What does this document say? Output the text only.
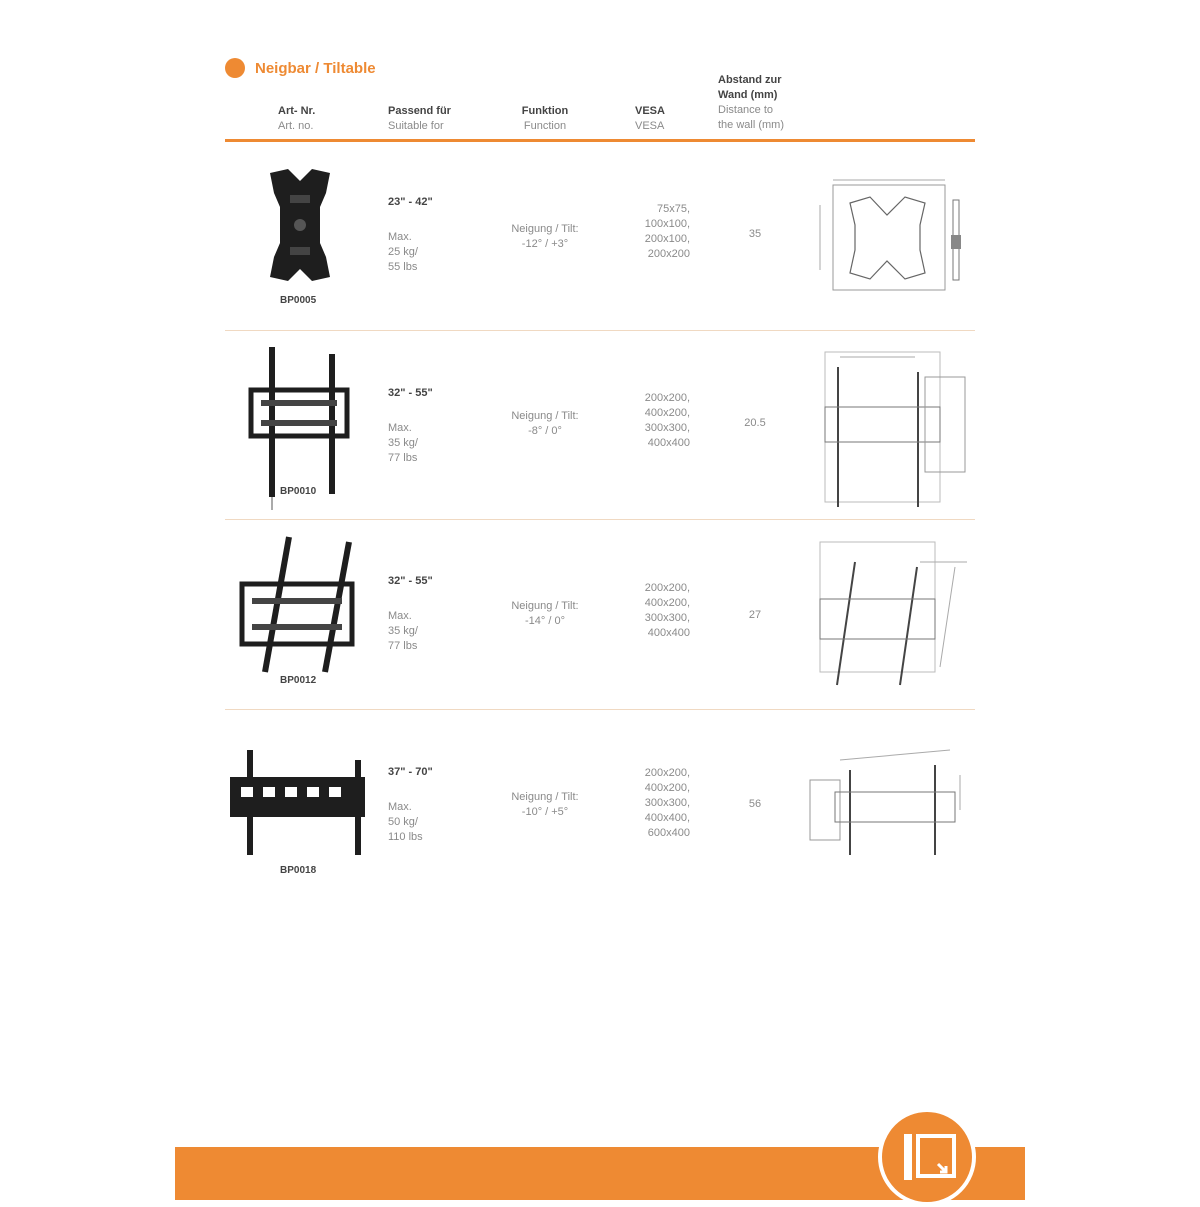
Neigbar / Tiltable
Art- Nr.
Art. no.
Passend für
Suitable for
Funktion
Function
VESA
VESA
Abstand zur
Wand (mm)
Distance to
the wall (mm)
BP0005
23" - 42"
Max.
25 kg/
55 lbs
Neigung / Tilt:
-12° / +3°
75x75,
100x100,
200x100,
200x200
35
BP0010
32" - 55"
Max.
35 kg/
77 lbs
Neigung / Tilt:
-8° / 0°
200x200,
400x200,
300x300,
400x400
20.5
BP0012
32" - 55"
Max.
35 kg/
77 lbs
Neigung / Tilt:
-14° / 0°
200x200,
400x200,
300x300,
400x400
27
BP0018
37" - 70"
Max.
50 kg/
110 lbs
Neigung / Tilt:
-10° / +5°
200x200,
400x200,
300x300,
400x400,
600x400
56
